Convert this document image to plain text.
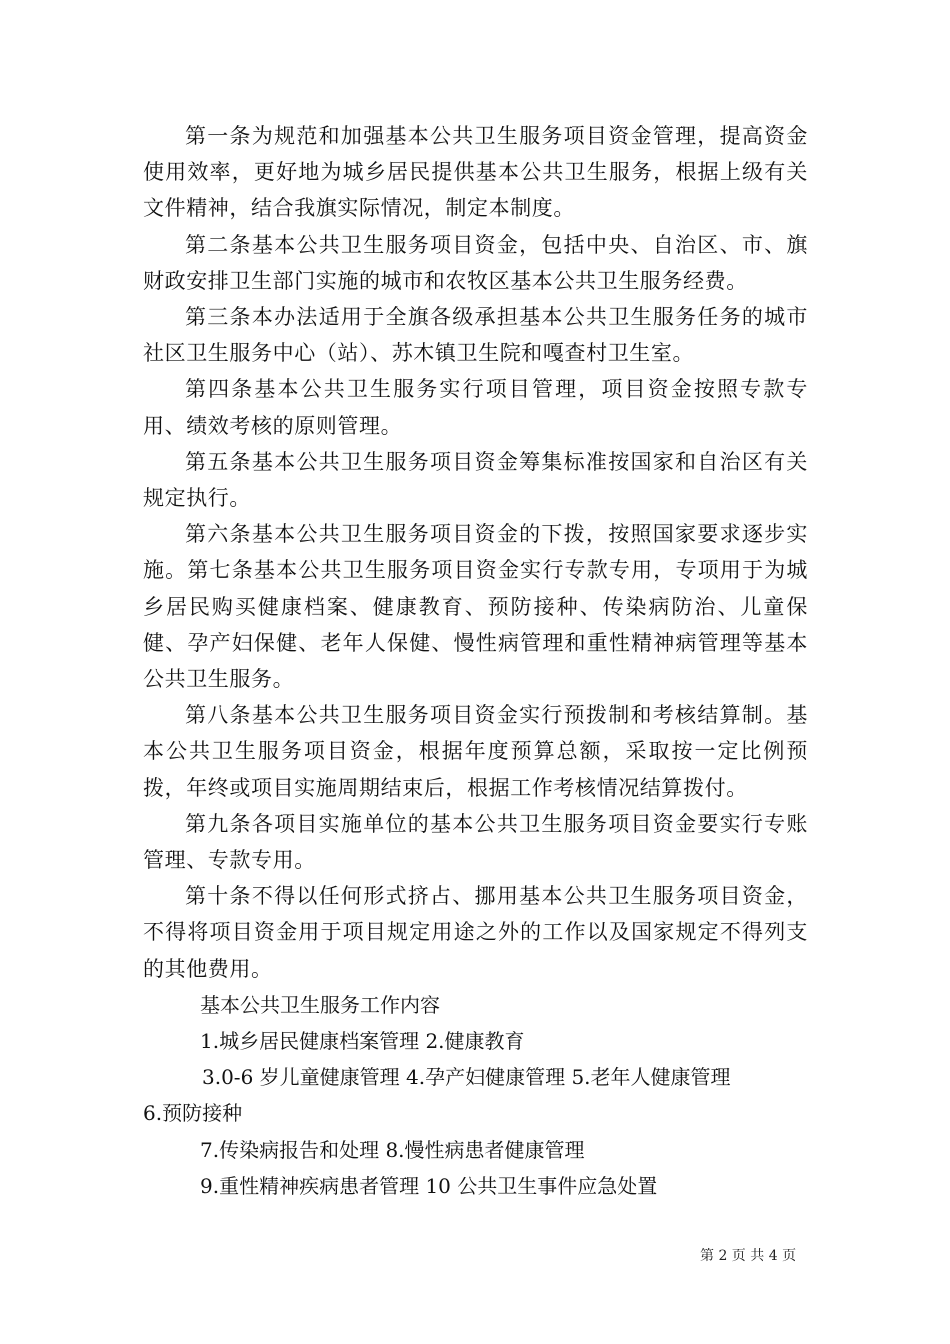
第一条为规范和加强基本公共卫生服务项目资金管理，提高资金使用效率，更好地为城乡居民提供基本公共卫生服务，根据上级有关文件精神，结合我旗实际情况，制定本制度。

第二条基本公共卫生服务项目资金，包括中央、自治区、市、旗财政安排卫生部门实施的城市和农牧区基本公共卫生服务经费。

第三条本办法适用于全旗各级承担基本公共卫生服务任务的城市社区卫生服务中心（站）、苏木镇卫生院和嘎查村卫生室。

第四条基本公共卫生服务实行项目管理，项目资金按照专款专用、绩效考核的原则管理。

第五条基本公共卫生服务项目资金筹集标准按国家和自治区有关规定执行。

第六条基本公共卫生服务项目资金的下拨，按照国家要求逐步实施。第七条基本公共卫生服务项目资金实行专款专用，专项用于为城乡居民购买健康档案、健康教育、预防接种、传染病防治、儿童保健、孕产妇保健、老年人保健、慢性病管理和重性精神病管理等基本公共卫生服务。

第八条基本公共卫生服务项目资金实行预拨制和考核结算制。基本公共卫生服务项目资金，根据年度预算总额，采取按一定比例预拨，年终或项目实施周期结束后，根据工作考核情况结算拨付。

第九条各项目实施单位的基本公共卫生服务项目资金要实行专账管理、专款专用。

第十条不得以任何形式挤占、挪用基本公共卫生服务项目资金，不得将项目资金用于项目规定用途之外的工作以及国家规定不得列支的其他费用。

基本公共卫生服务工作内容

1.城乡居民健康档案管理 2.健康教育

3.0-6 岁儿童健康管理 4.孕产妇健康管理 5.老年人健康管理

6.预防接种

7.传染病报告和处理 8.慢性病患者健康管理

9.重性精神疾病患者管理 10 公共卫生事件应急处置

第 2 页 共 4 页
